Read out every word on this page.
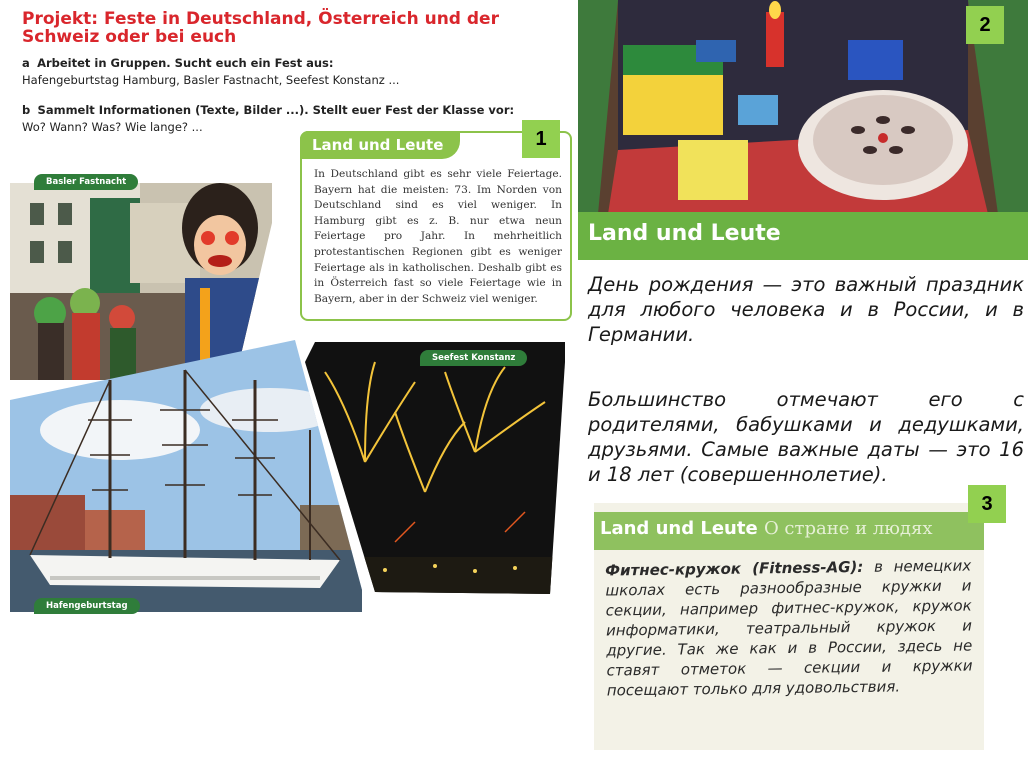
Projekt: Feste in Deutschland, Österreich und der Schweiz oder bei euch
a Arbeitet in Gruppen. Sucht euch ein Fest aus:
Hafengeburtstag Hamburg, Basler Fastnacht, Seefest Konstanz ...
b Sammelt Informationen (Texte, Bilder ...). Stellt euer Fest der Klasse vor:
Wo? Wann? Was? Wie lange? ...
Land und Leute	1
In Deutschland gibt es sehr viele Feiertage. Bayern hat die meisten: 73. Im Norden von Deutschland sind es viel weniger. In Hamburg gibt es z. B. nur etwa neun Feiertage pro Jahr. In mehrheitlich protestantischen Regionen gibt es weniger Feiertage als in katholischen. Deshalb gibt es in Österreich fast so viele Feiertage wie in Bayern, aber in der Schweiz viel weniger.
Basler Fastnacht
Hafengeburtstag
Seefest Konstanz
2
Land und Leute
День рождения — это важный праздник для любого человека и в России, и в Германии.
Большинство отмечают его с родителями, бабушками и дедушками, друзьями. Самые важные даты — это 16 и 18 лет (совершеннолетие).
Land und Leute О стране и людях
3
Фитнес-кружок (Fitness-AG): в немецких школах есть разнообразные кружки и секции, например фитнес-кружок, кружок информатики, театральный кружок и другие. Так же как и в России, здесь не ставят отметок — секции и кружки посещают только для удовольствия.
